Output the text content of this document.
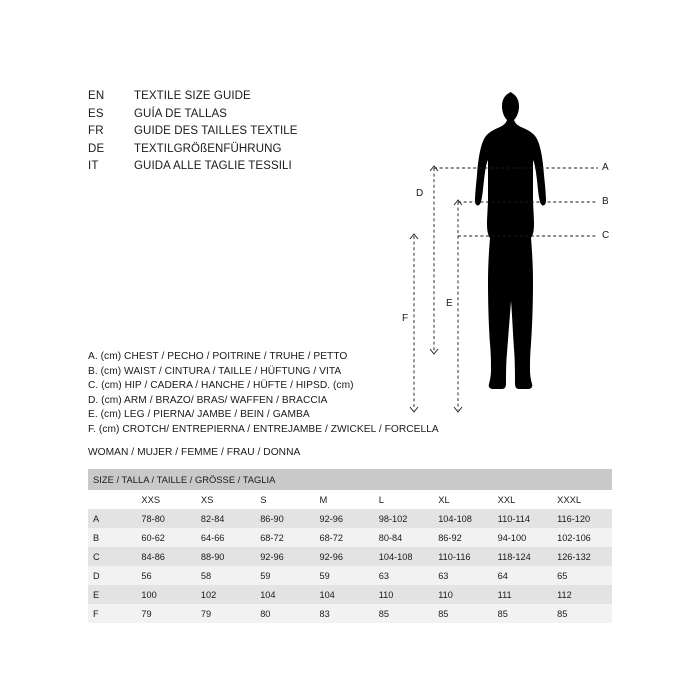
EN	TEXTILE SIZE GUIDE
ES	GUÍA DE TALLAS
FR	GUIDE DES TAILLES TEXTILE
DE	TEXTILGRÖßENFÜHRUNG
IT	GUIDA ALLE TAGLIE TESSILI	A
B
C
D
E
F
A. (cm) CHEST / PECHO / POITRINE / TRUHE / PETTO
B. (cm) WAIST / CINTURA / TAILLE / HÜFTUNG / VITA
C. (cm) HIP / CADERA / HANCHE / HÜFTE / HIPSD. (cm)
D. (cm) ARM / BRAZO/ BRAS/ WAFFEN / BRACCIA
E. (cm) LEG / PIERNA/ JAMBE / BEIN / GAMBA
F. (cm) CROTCH/ ENTREPIERNA / ENTREJAMBE / ZWICKEL / FORCELLA
WOMAN / MUJER / FEMME / FRAU / DONNA
SIZE / TALLA / TAILLE / GRÖSSE / TAGLIA								
	XXS	XS	S	M	L	XL	XXL	XXXL
A	78-80	82-84	86-90	92-96	98-102	104-108	110-114	116-120
B	60-62	64-66	68-72	68-72	80-84	86-92	94-100	102-106
C	84-86	88-90	92-96	92-96	104-108	110-116	118-124	126-132
D	56	58	59	59	63	63	64	65
E	100	102	104	104	110	110	111	112
F	79	79	80	83	85	85	85	85
